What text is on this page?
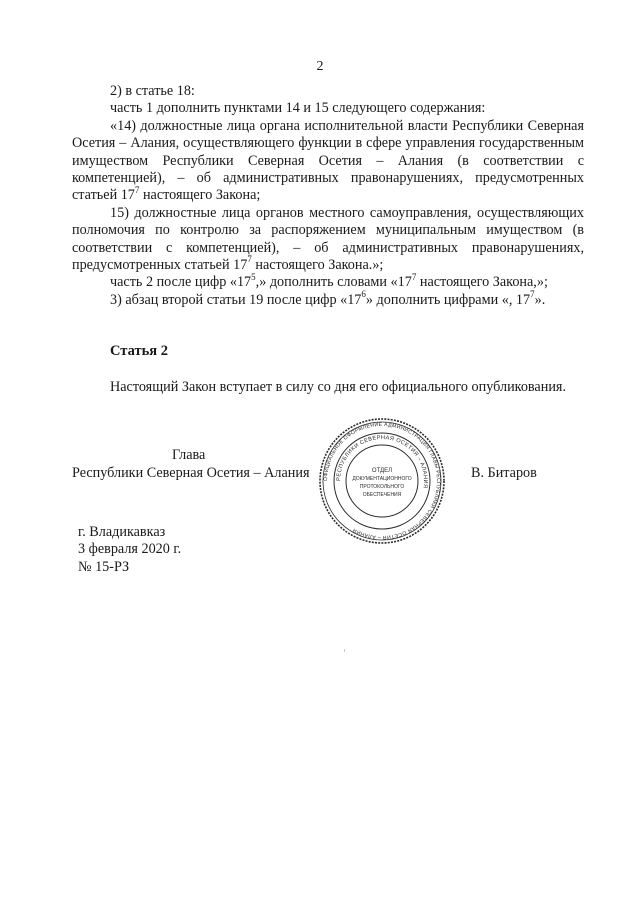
2

2) в статье 18:

часть 1 дополнить пунктами 14 и 15 следующего содержания:

«14) должностные лица органа исполнительной власти Республики Северная Осетия – Алания, осуществляющего функции в сфере управления государственным имуществом Республики Северная Осетия – Алания (в соответствии с компетенцией), – об административных правонарушениях, предусмотренных статьей $17^7$ настоящего Закона;

15) должностные лица органов местного самоуправления, осуществляющих полномочия по контролю за распоряжением муниципальным имуществом (в соответствии с компетенцией), – об административных правонарушениях, предусмотренных статьей $17^7$ настоящего Закона.»;

часть 2 после цифр «$17^5$,» дополнить словами «$17^7$ настоящего Закона,»;

3) абзац второй статьи 19 после цифр «$17^6$» дополнить цифрами «, $17^7$».

Статья 2

Настоящий Закон вступает в силу со дня его официального опубликования.

Глава
Республики Северная Осетия – Алания	В. Битаров
ОФИЦИАЛЬНОЕ ОФОРМЛЕНИЕ АДМИНИСТРАЦИЯ ГЛАВЫ РЕСПУБЛИКИ СЕВЕРНАЯ ОСЕТИЯ – АЛАНИЯ
РЕСПУБЛИКИ СЕВЕРНАЯ ОСЕТИЯ – АЛАНИЯ
ОТДЕЛ
ДОКУМЕНТАЦИОННОГО
ПРОТОКОЛЬНОГО
ОБЕСПЕЧЕНИЯ
г. Владикавказ
3 февраля 2020 г.
№ 15-РЗ
